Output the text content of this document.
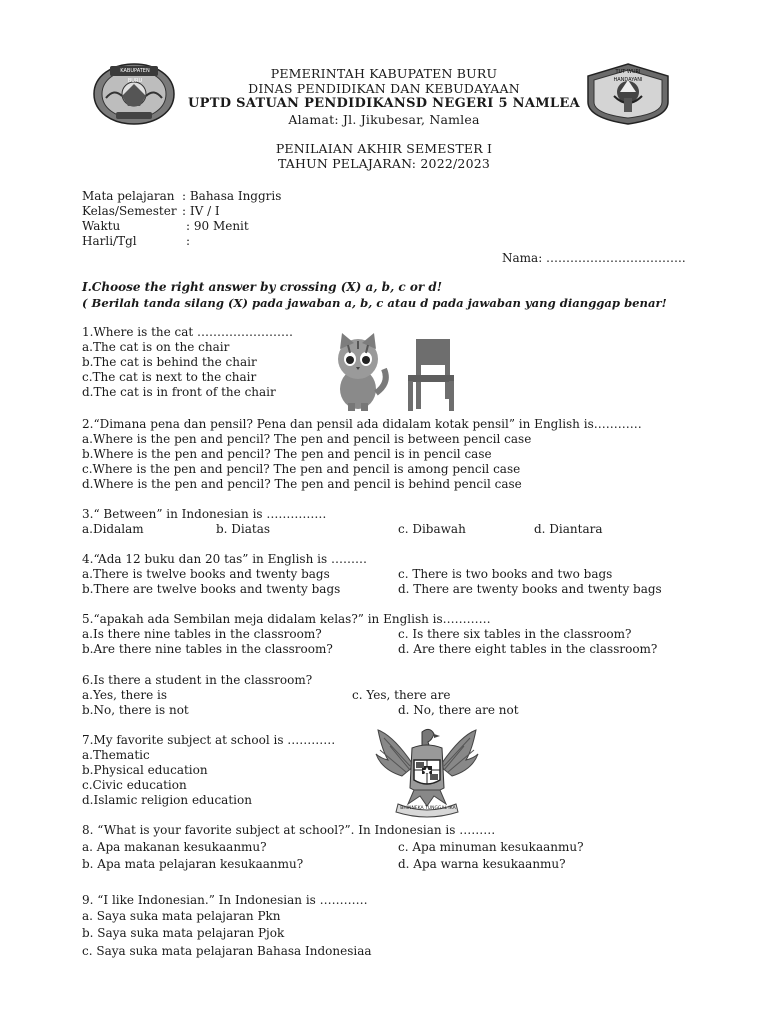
KABUPATEN BURU
TUT WURI HANDAYANI
PEMERINTAH KABUPATEN BURU
DINAS PENDIDIKAN DAN KEBUDAYAAN
UPTD SATUAN PENDIDIKANSD NEGERI 5 NAMLEA
Alamat: Jl. Jikubesar, Namlea
PENILAIAN AKHIR SEMESTER I
TAHUN PELAJARAN: 2022/2023
Mata pelajaran : Bahasa Inggris
Kelas/Semester : IV / I
Waktu	: 90 Menit
Harli/Tgl	:
Nama: ……………………………..
I.Choose the right answer by crossing (X) a, b, c or d!
( Berilah tanda silang (X) pada jawaban a, b, c atau d pada jawaban yang dianggap benar!
1.Where is the cat ……………………
a.The cat is on the chair
b.The cat is behind the chair
c.The cat is next to the chair
d.The cat is in front of the chair
2.“Dimana pena dan pensil? Pena dan pensil ada didalam kotak pensil” in English is…………
a.Where is the pen and pencil? The pen and pencil is between pencil case
b.Where is the pen and pencil? The pen and pencil is in pencil case
c.Where is the pen and pencil? The pen and pencil is among pencil case
d.Where is the pen and pencil? The pen and pencil is behind pencil case
3.“ Between” in Indonesian is ……………
a.Didalam	b. Diatas	c. Dibawah	d. Diantara
4.“Ada 12 buku dan 20 tas” in English is ………
a.There is twelve books and twenty bags
b.There are twelve books and twenty bags
c. There is two books and two bags
d. There are twenty books and twenty bags
5.“apakah ada Sembilan meja didalam kelas?” in English is…………
a.Is there nine tables in the classroom?
b.Are there nine tables in the classroom?
c. Is there six tables in the classroom?
d. Are there eight tables in the classroom?
6.Is there a student in the classroom?
a.Yes, there is
b.No, there is not
c. Yes, there are
d. No, there are not
7.My favorite subject at school is …………
a.Thematic
b.Physical education
c.Civic education
d.Islamic religion education
BHINNEKA TUNGGAL IKA
8. “What is your favorite subject at school?”. In Indonesian is ………
a. Apa makanan kesukaanmu?
b. Apa mata pelajaran kesukaanmu?
c. Apa minuman kesukaanmu?
d. Apa warna kesukaanmu?
9. “I like Indonesian.” In Indonesian is …………
a. Saya suka mata pelajaran Pkn
b. Saya suka mata pelajaran Pjok
c. Saya suka mata pelajaran Bahasa Indonesiaa
